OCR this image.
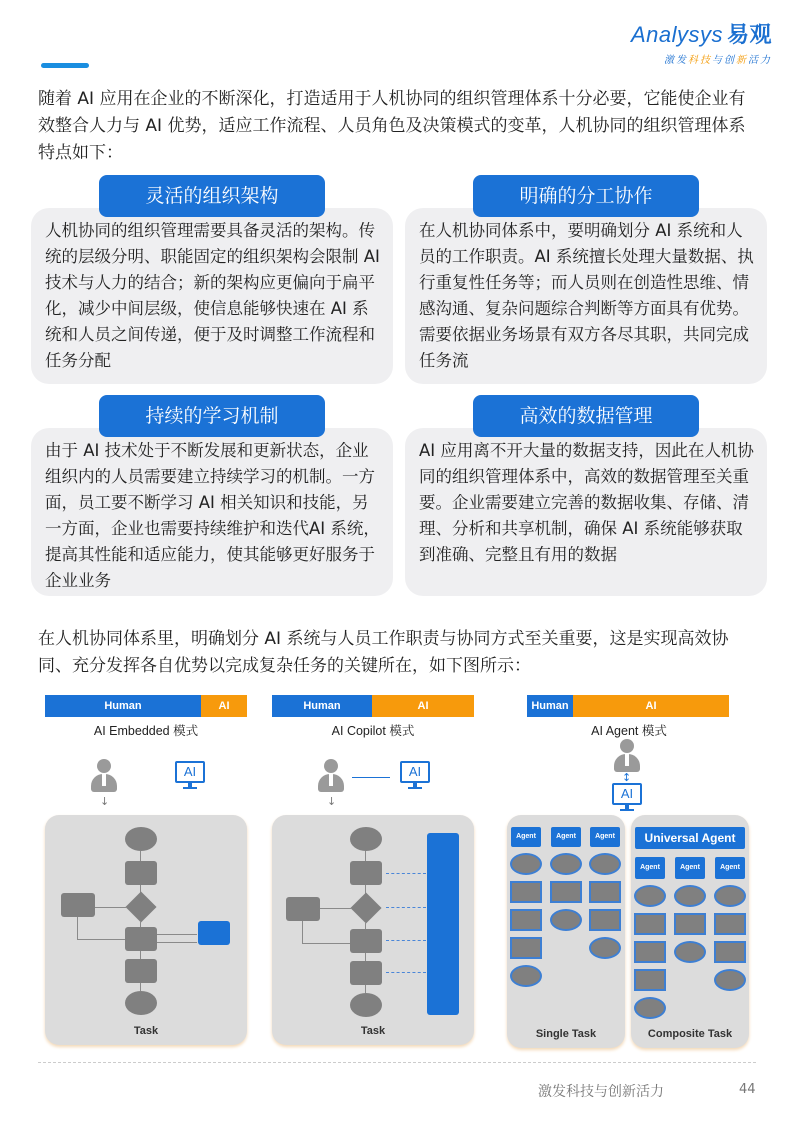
Analysys 易观
激发科技与创新活力

随着 AI 应用在企业的不断深化，打造适用于人机协同的组织管理体系十分必要，它能使企业有效整合人力与 AI 优势，适应工作流程、人员角色及决策模式的变革，人机协同的组织管理体系特点如下：

灵活的组织架构
人机协同的组织管理需要具备灵活的架构。传统的层级分明、职能固定的组织架构会限制 AI 技术与人力的结合；新的架构应更偏向于扁平化，减少中间层级，使信息能够快速在 AI 系统和人员之间传递，便于及时调整工作流程和任务分配
明确的分工协作
在人机协同体系中，要明确划分 AI 系统和人员的工作职责。AI 系统擅长处理大量数据、执行重复性任务等；而人员则在创造性思维、情感沟通、复杂问题综合判断等方面具有优势。需要依据业务场景有双方各尽其职，共同完成任务流
持续的学习机制
由于 AI 技术处于不断发展和更新状态，企业组织内的人员需要建立持续学习的机制。一方面，员工要不断学习 AI 相关知识和技能，另一方面，企业也需要持续维护和迭代AI 系统，提高其性能和适应能力，使其能够更好服务于企业业务
高效的数据管理
AI 应用离不开大量的数据支持，因此在人机协同的组织管理体系中，高效的数据管理至关重要。企业需要建立完善的数据收集、存储、清理、分析和共享机制，确保 AI 系统能够获取到准确、完整且有用的数据

在人机协同体系里，明确划分 AI 系统与人员工作职责与协同方式至关重要，这是实现高效协同、充分发挥各自优势以完成复杂任务的关键所在，如下图所示：

Human	AI
AI Embedded 模式
AI
↓
Task
Human	AI
AI Copilot 模式
AI
↓
Task
Human	AI
AI Agent 模式
↕
AI
Agent	Agent	Agent
Single Task
Universal Agent
Agent	Agent	Agent
Composite Task
激发科技与创新活力	44
